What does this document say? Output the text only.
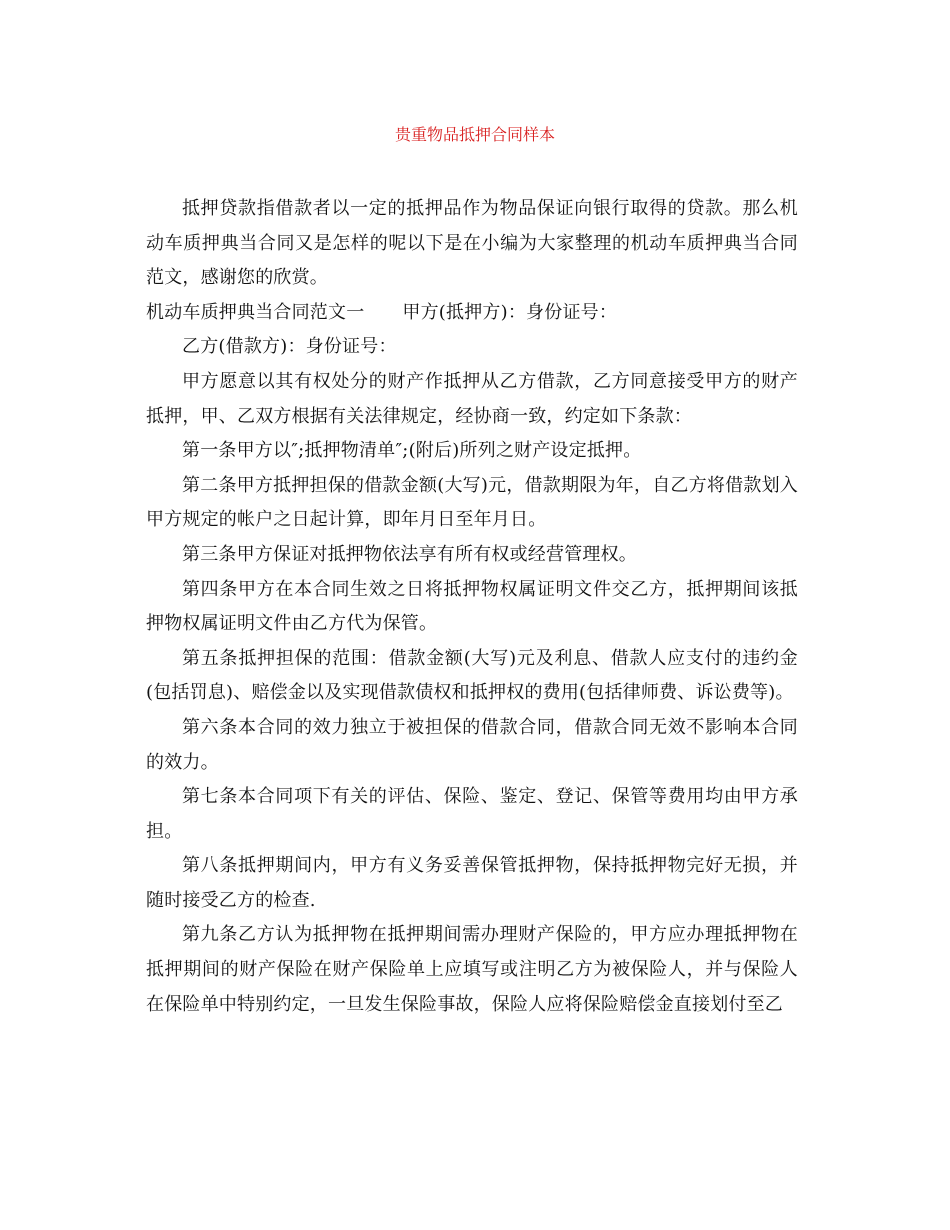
贵重物品抵押合同样本

抵押贷款指借款者以一定的抵押品作为物品保证向银行取得的贷款。那么机动车质押典当合同又是怎样的呢以下是在小编为大家整理的机动车质押典当合同范文，感谢您的欣赏。

机动车质押典当合同范文一 甲方(抵押方)：身份证号：

乙方(借款方)：身份证号：

甲方愿意以其有权处分的财产作抵押从乙方借款，乙方同意接受甲方的财产抵押，甲、乙双方根据有关法律规定，经协商一致，约定如下条款：

第一条甲方以″;抵押物清单″;(附后)所列之财产设定抵押。

第二条甲方抵押担保的借款金额(大写)元，借款期限为年，自乙方将借款划入甲方规定的帐户之日起计算，即年月日至年月日。

第三条甲方保证对抵押物依法享有所有权或经营管理权。

第四条甲方在本合同生效之日将抵押物权属证明文件交乙方，抵押期间该抵押物权属证明文件由乙方代为保管。

第五条抵押担保的范围：借款金额(大写)元及利息、借款人应支付的违约金(包括罚息)、赔偿金以及实现借款债权和抵押权的费用(包括律师费、诉讼费等)。

第六条本合同的效力独立于被担保的借款合同，借款合同无效不影响本合同的效力。

第七条本合同项下有关的评估、保险、鉴定、登记、保管等费用均由甲方承担。

第八条抵押期间内，甲方有义务妥善保管抵押物，保持抵押物完好无损，并随时接受乙方的检查.

第九条乙方认为抵押物在抵押期间需办理财产保险的，甲方应办理抵押物在抵押期间的财产保险在财产保险单上应填写或注明乙方为被保险人，并与保险人在保险单中特别约定，一旦发生保险事故，保险人应将保险赔偿金直接划付至乙
